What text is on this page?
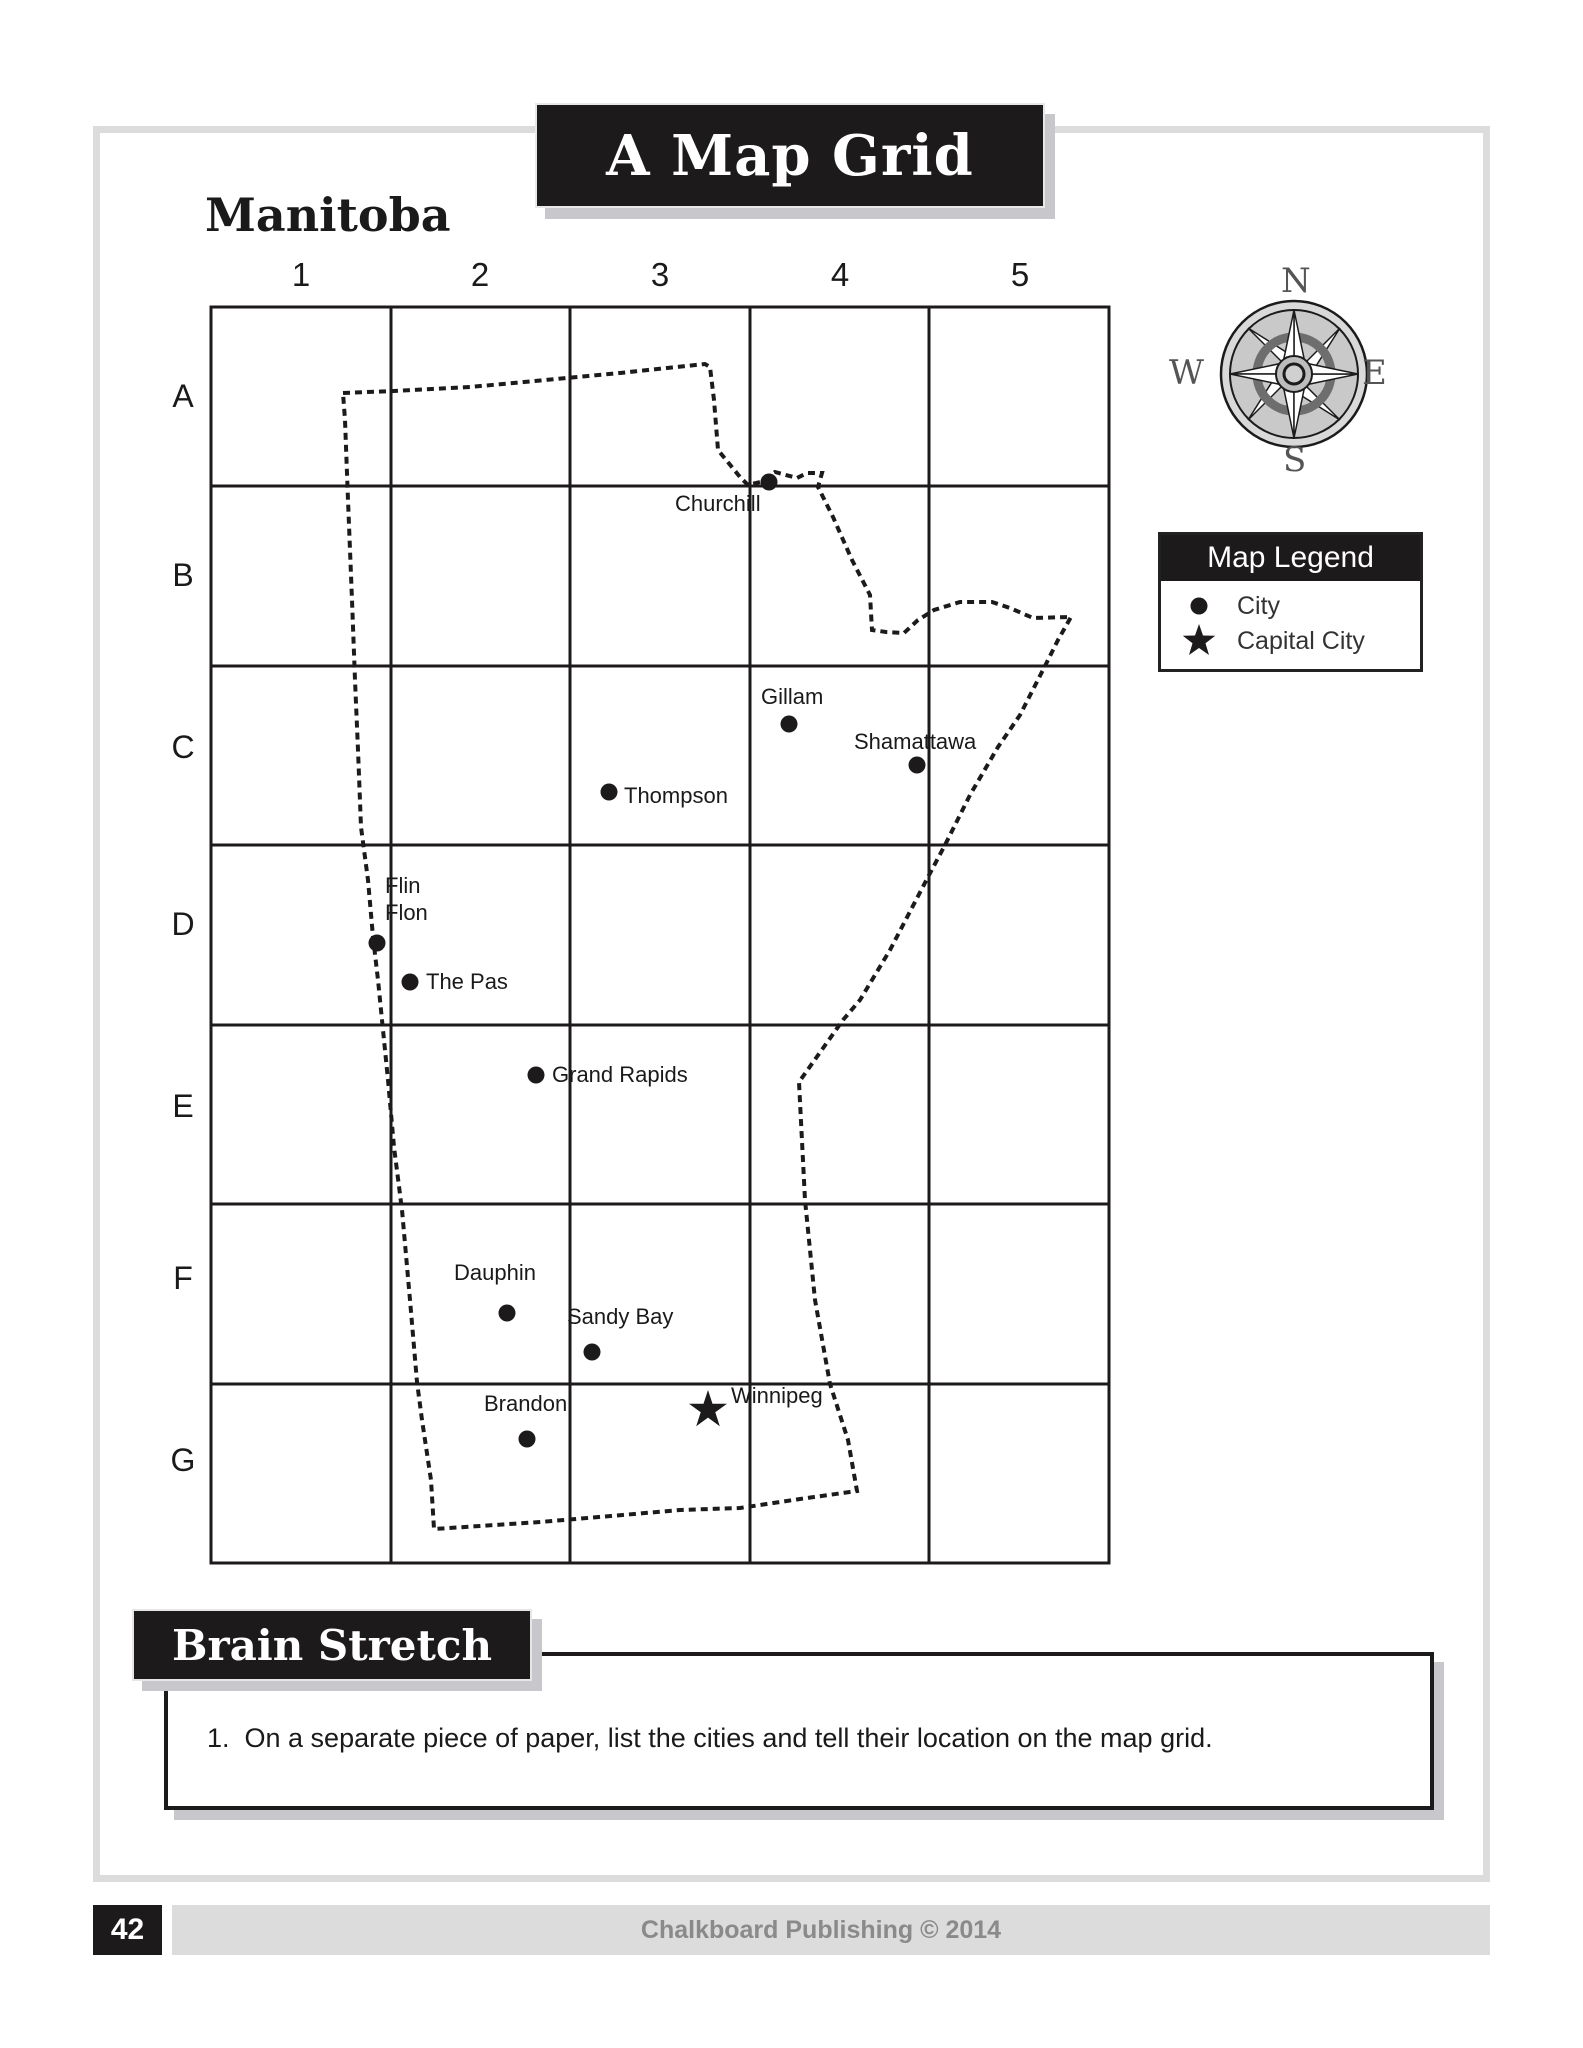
A Map Grid
Manitoba
1	2	3	4	5
A
B
C
D
E
F
G
Churchill
Gillam
Shamattawa
Thompson
Flin
Flon
The Pas
Grand Rapids
Dauphin
Sandy Bay
Brandon	Winnipeg
N
S
E
W
Map Legend
City
Capital City
Brain Stretch
1.  On a separate piece of paper, list the cities and tell their location on the map grid.
42	Chalkboard Publishing © 2014
